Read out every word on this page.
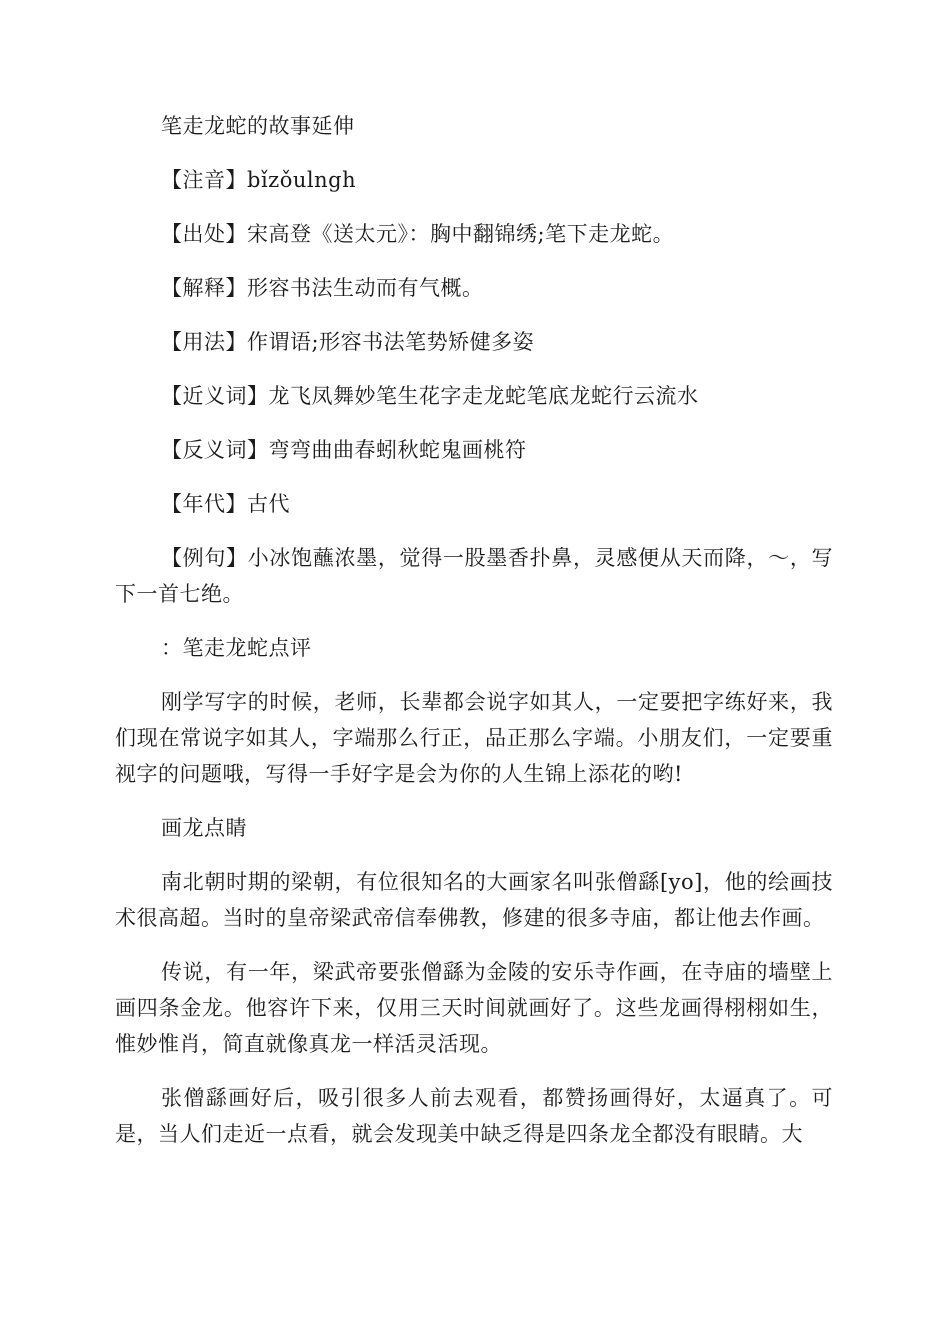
笔走龙蛇的故事延伸

【注音】bǐzǒulngh

【出处】宋高登《送太元》：胸中翻锦绣;笔下走龙蛇。

【解释】形容书法生动而有气概。

【用法】作谓语;形容书法笔势矫健多姿

【近义词】龙飞凤舞妙笔生花字走龙蛇笔底龙蛇行云流水

【反义词】弯弯曲曲春蚓秋蛇鬼画桃符

【年代】古代

【例句】小冰饱蘸浓墨，觉得一股墨香扑鼻，灵感便从天而降，～，写下一首七绝。

：笔走龙蛇点评

刚学写字的时候，老师，长辈都会说字如其人，一定要把字练好来，我们现在常说字如其人，字端那么行正，品正那么字端。小朋友们，一定要重视字的问题哦，写得一手好字是会为你的人生锦上添花的哟!

画龙点睛

南北朝时期的梁朝，有位很知名的大画家名叫张僧繇[yo]，他的绘画技术很高超。当时的皇帝梁武帝信奉佛教，修建的很多寺庙，都让他去作画。

传说，有一年，梁武帝要张僧繇为金陵的安乐寺作画，在寺庙的墙壁上画四条金龙。他容许下来，仅用三天时间就画好了。这些龙画得栩栩如生，惟妙惟肖，简直就像真龙一样活灵活现。

张僧繇画好后，吸引很多人前去观看，都赞扬画得好，太逼真了。可是，当人们走近一点看，就会发现美中缺乏得是四条龙全都没有眼睛。大
